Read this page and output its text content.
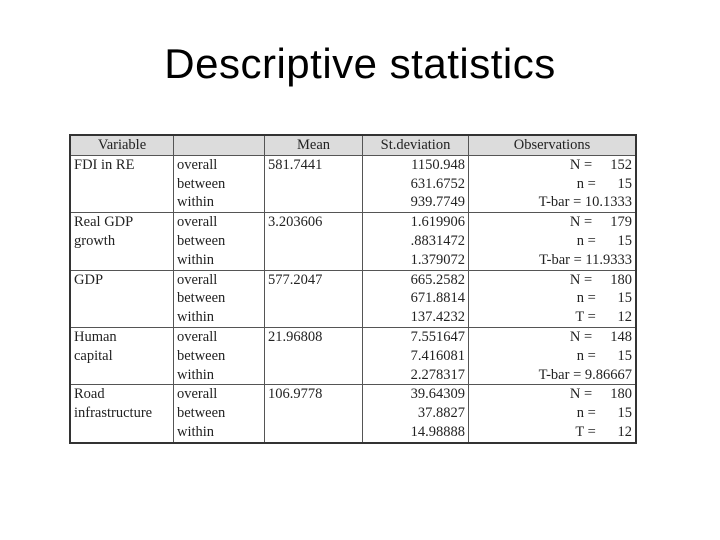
Descriptive statistics
Variable		Mean	St.deviation	Observations
FDI in RE	overall	581.7441	1150.948	N =     152
	between		631.6752	n =      15
	within		939.7749	T-bar = 10.1333
Real GDP	overall	3.203606	1.619906	N =     179
growth	between		.8831472	n =      15
	within		1.379072	T-bar = 11.9333
GDP	overall	577.2047	665.2582	N =     180
	between		671.8814	n =      15
	within		137.4232	T =      12
Human	overall	21.96808	7.551647	N =     148
capital	between		7.416081	n =      15
	within		2.278317	T-bar = 9.86667
Road	overall	106.9778	39.64309	N =     180
infrastructure	between		37.8827	n =      15
	within		14.98888	T =      12
